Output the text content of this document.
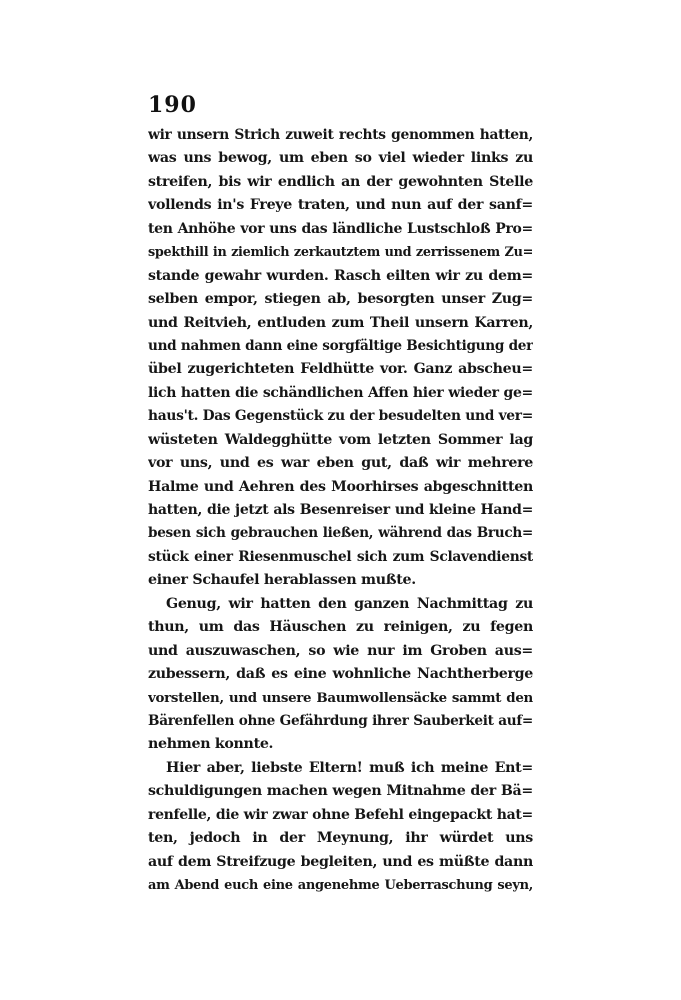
190
wir unsern Strich zuweit rechts genommen hatten,
was uns bewog, um eben so viel wieder links zu
streifen, bis wir endlich an der gewohnten Stelle
vollends in's Freye traten, und nun auf der sanf=
ten Anhöhe vor uns das ländliche Lustschloß Pro=
spekthill in ziemlich zerkautztem und zerrissenem Zu=
stande gewahr wurden. Rasch eilten wir zu dem=
selben empor, stiegen ab, besorgten unser Zug=
und Reitvieh, entluden zum Theil unsern Karren,
und nahmen dann eine sorgfältige Besichtigung der
übel zugerichteten Feldhütte vor. Ganz abscheu=
lich hatten die schändlichen Affen hier wieder ge=
haus't. Das Gegenstück zu der besudelten und ver=
wüsteten Waldegghütte vom letzten Sommer lag
vor uns, und es war eben gut, daß wir mehrere
Halme und Aehren des Moorhirses abgeschnitten
hatten, die jetzt als Besenreiser und kleine Hand=
besen sich gebrauchen ließen, während das Bruch=
stück einer Riesenmuschel sich zum Sclavendienst
einer Schaufel herablassen mußte.
Genug, wir hatten den ganzen Nachmittag zu
thun, um das Häuschen zu reinigen, zu fegen
und auszuwaschen, so wie nur im Groben aus=
zubessern, daß es eine wohnliche Nachtherberge
vorstellen, und unsere Baumwollensäcke sammt den
Bärenfellen ohne Gefährdung ihrer Sauberkeit auf=
nehmen konnte.
Hier aber, liebste Eltern! muß ich meine Ent=
schuldigungen machen wegen Mitnahme der Bä=
renfelle, die wir zwar ohne Befehl eingepackt hat=
ten, jedoch in der Meynung, ihr würdet uns
auf dem Streifzuge begleiten, und es müßte dann
am Abend euch eine angenehme Ueberraschung seyn,
